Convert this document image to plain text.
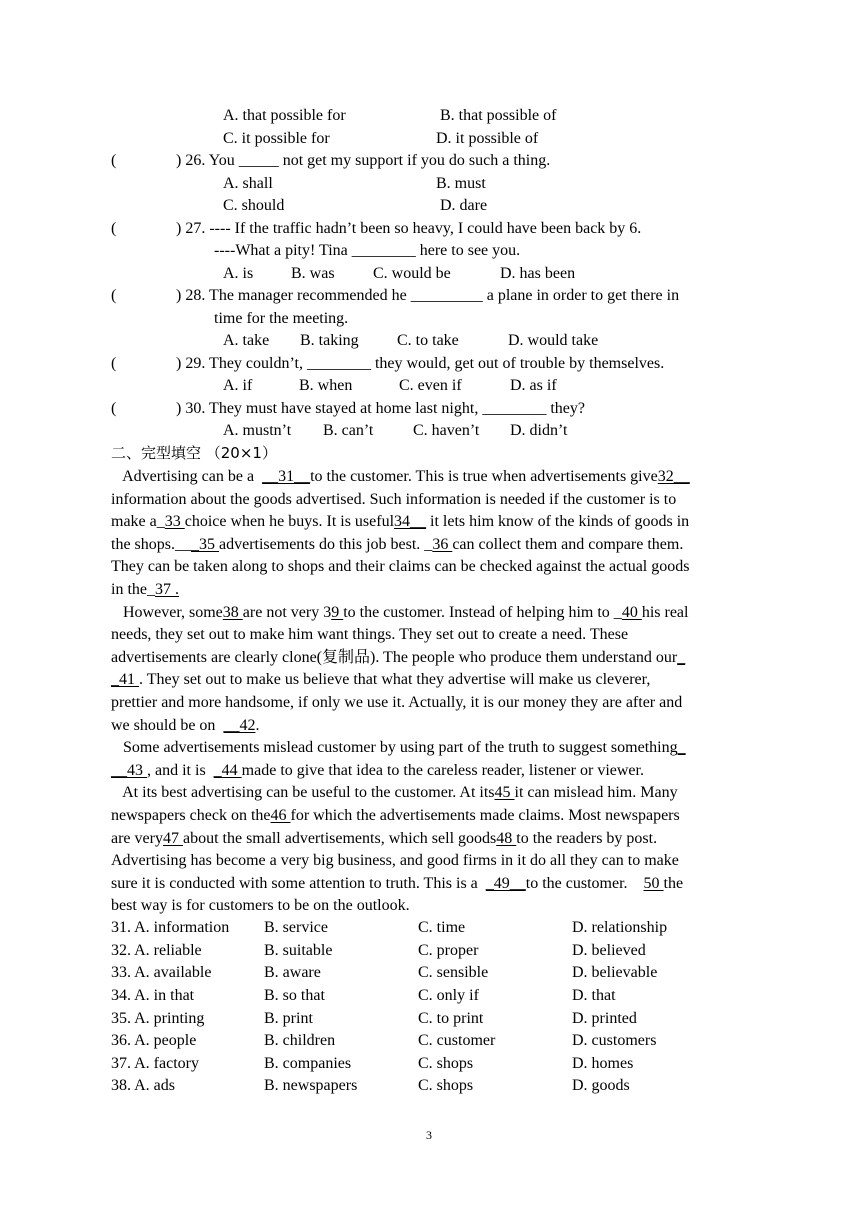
A. that possible for	B. that possible of
C. it possible for	D. it possible of
(	) 26. You _____ not get my support if you do such a thing.
A. shall	B. must
C. should	D. dare
(	) 27. ---- If the traffic hadn’t been so heavy, I could have been back by 6.
----What a pity! Tina ________ here to see you.
A. is B. was C. would be	D. has been
(	) 28. The manager recommended he _________ a plane in order to get there in
time for the meeting.
A. take B. taking C. to take	D. would take
(	) 29. They couldn’t, ________ they would, get out of trouble by themselves.
A. if	B. when	C. even if	D. as if
(	) 30. They must have stayed at home last night, ________ they?
A. mustn’t B. can’t C. haven’t D. didn’t
二、完型填空 （20×1）
Advertising can be a  __31__to the customer. This is true when advertisements give32__
information about the goods advertised. Such information is needed if the customer is to
make a_33 choice when he buys. It is useful34__ it lets him know of the kinds of goods in
the shops.___35 advertisements do this job best. _36 can collect them and compare them.
They can be taken along to shops and their claims can be checked against the actual goods
in the_37 .
However, some38 are not very 39 to the customer. Instead of helping him to _40 his real
needs, they set out to make him want things. They set out to create a need. These
advertisements are clearly clone(复制品). The people who produce them understand our_
_41 . They set out to make us believe that what they advertise will make us cleverer,
prettier and more handsome, if only we use it. Actually, it is our money they are after and
we should be on  __42.
Some advertisements mislead customer by using part of the truth to suggest something_
__43 , and it is  _44 made to give that idea to the careless reader, listener or viewer.
At its best advertising can be useful to the customer. At its45 it can mislead him. Many
newspapers check on the46 for which the advertisements made claims. Most newspapers
are very47 about the small advertisements, which sell goods48 to the readers by post.
Advertising has become a very big business, and good firms in it do all they can to make
sure it is conducted with some attention to truth. This is a  _49__to the customer.    50 the
best way is for customers to be on the outlook.
31. A. information B. service	C. time	D. relationship
32. A. reliable	B. suitable	C. proper	D. believed
33. A. available	B. aware	C. sensible	D. believable
34. A. in that	B. so that	C. only if	D. that
35. A. printing	B. print	C. to print	D. printed
36. A. people	B. children	C. customer	D. customers
37. A. factory	B. companies	C. shops	D. homes
38. A. ads	B. newspapers	C. shops	D. goods
3
